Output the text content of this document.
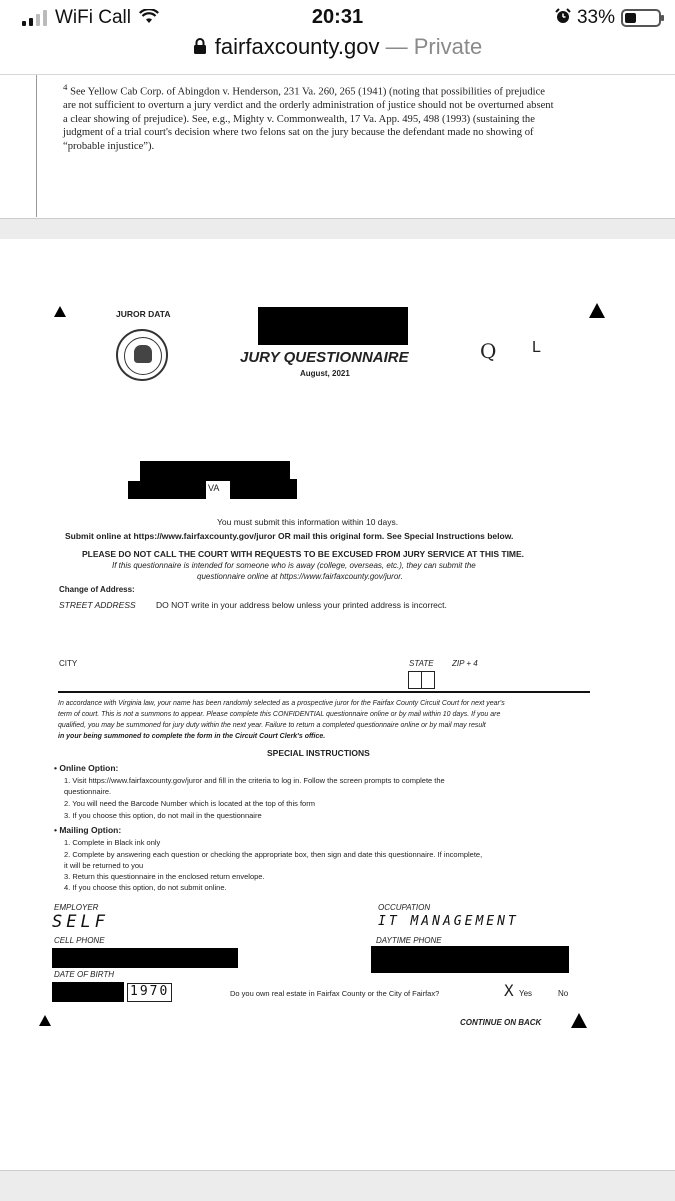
WiFi Call	20:31	33%
fairfaxcounty.gov — Private
$^4$ See Yellow Cab Corp. of Abingdon v. Henderson, 231 Va. 260, 265 (1941) (noting that possibilities of prejudice
are not sufficient to overturn a jury verdict and the orderly administration of justice should not be overturned absent
a clear showing of prejudice). See, e.g., Mighty v. Commonwealth, 17 Va. App. 495, 498 (1993) (sustaining the
judgment of a trial court's decision where two felons sat on the jury because the defendant made no showing of
“probable injustice”).
JUROR DATA
JURY QUESTIONNAIRE
August, 2021
Q L
VA
You must submit this information within 10 days.
Submit online at https://www.fairfaxcounty.gov/juror OR mail this original form. See Special Instructions below.
PLEASE DO NOT CALL THE COURT WITH REQUESTS TO BE EXCUSED FROM JURY SERVICE AT THIS TIME.
If this questionnaire is intended for someone who is away (college, overseas, etc.), they can submit the
questionnaire online at https://www.fairfaxcounty.gov/juror.
Change of Address:
STREET ADDRESS DO NOT write in your address below unless your printed address is incorrect.
CITY	STATE ZIP + 4
In accordance with Virginia law, your name has been randomly selected as a prospective juror for the Fairfax County Circuit Court for next year's
term of court. This is not a summons to appear. Please complete this CONFIDENTIAL questionnaire online or by mail within 10 days. If you are
qualified, you may be summoned for jury duty within the next year. Failure to return a completed questionnaire online or by mail may result
in your being summoned to complete the form in the Circuit Court Clerk's office.
SPECIAL INSTRUCTIONS
• Online Option:
1. Visit https://www.fairfaxcounty.gov/juror and fill in the criteria to log in. Follow the screen prompts to complete the
questionnaire.
2. You will need the Barcode Number which is located at the top of this form
3. If you choose this option, do not mail in the questionnaire
• Mailing Option:
1. Complete in Black ink only
2. Complete by answering each question or checking the appropriate box, then sign and date this questionnaire. If incomplete,
it will be returned to you
3. Return this questionnaire in the enclosed return envelope.
4. If you choose this option, do not submit online.
EMPLOYER
SELF
OCCUPATION
IT MANAGEMENT
CELL PHONE	DAYTIME PHONE
DATE OF BIRTH
1970	Do you own real estate in Fairfax County or the City of Fairfax?	X Yes	No
CONTINUE ON BACK
